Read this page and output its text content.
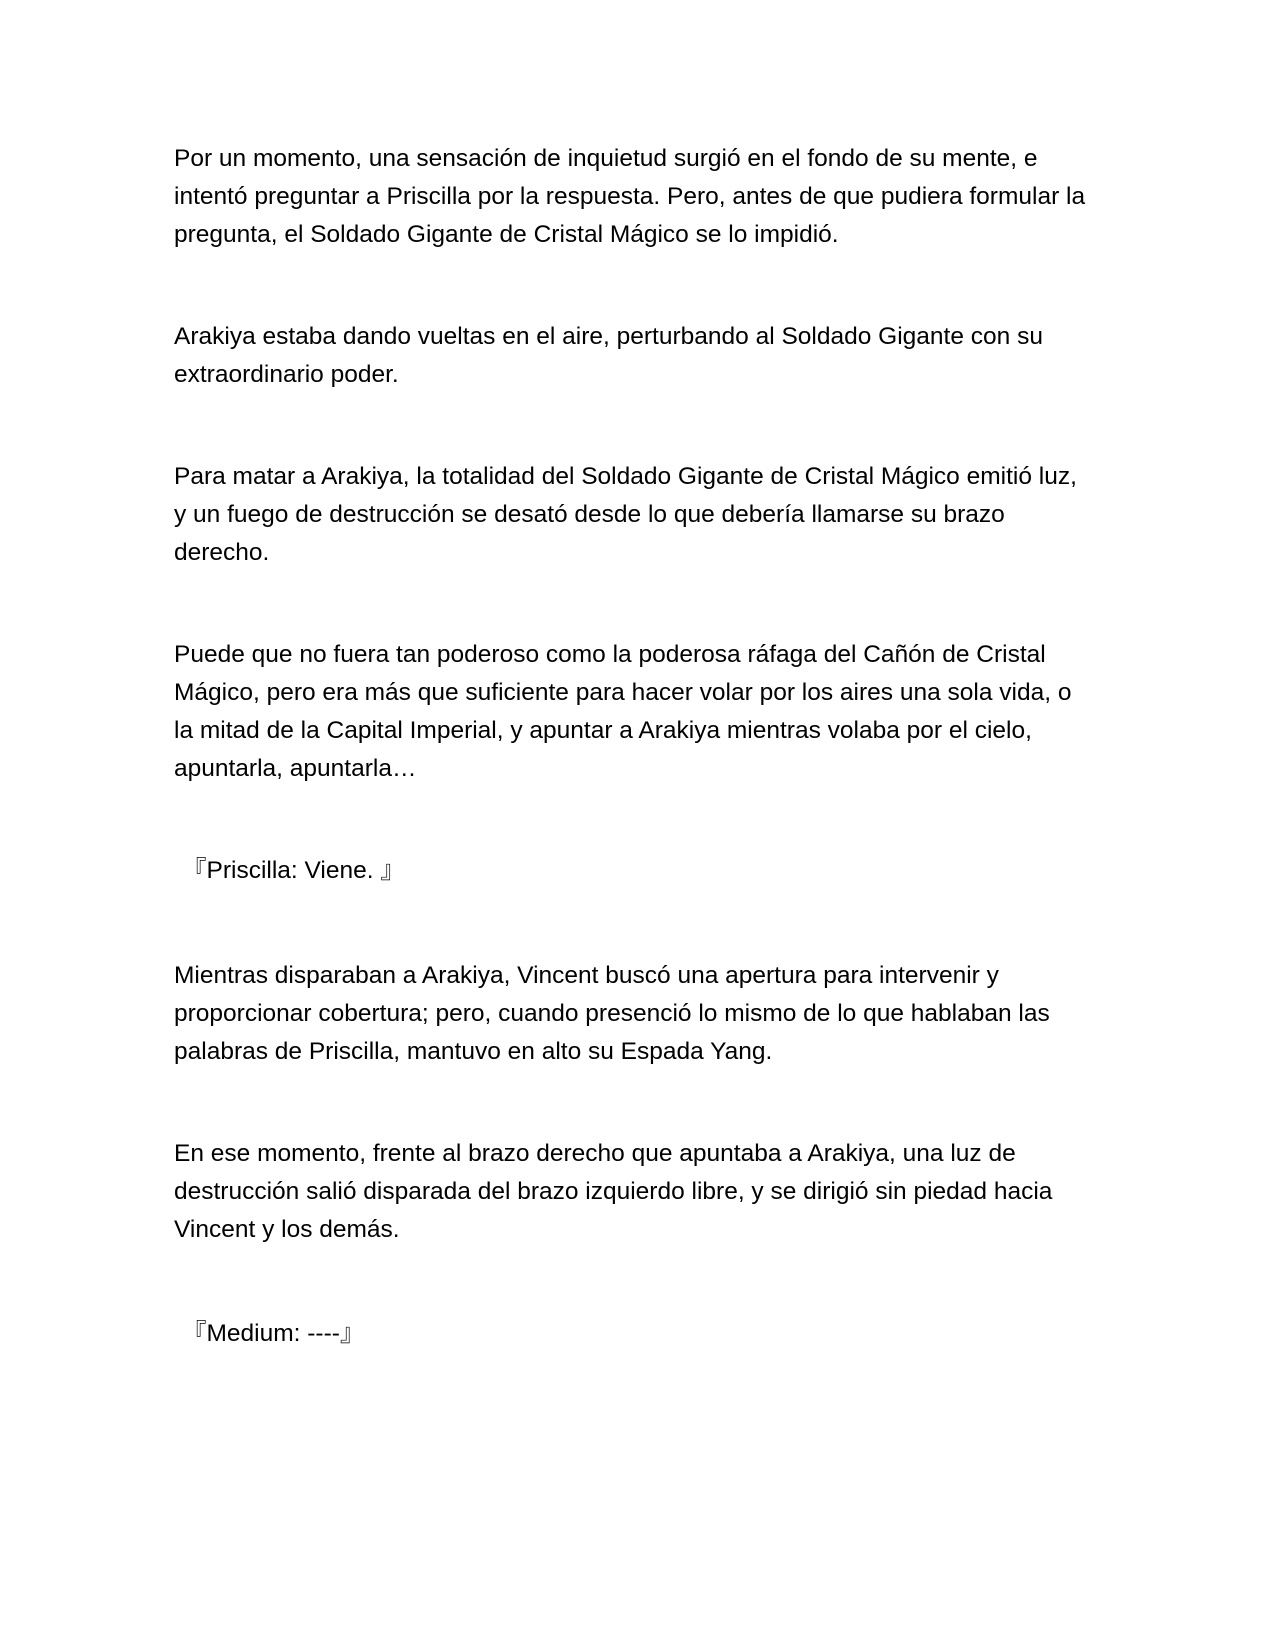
Por un momento, una sensación de inquietud surgió en el fondo de su mente, e intentó preguntar a Priscilla por la respuesta. Pero, antes de que pudiera formular la pregunta, el Soldado Gigante de Cristal Mágico se lo impidió.

Arakiya estaba dando vueltas en el aire, perturbando al Soldado Gigante con su extraordinario poder.

Para matar a Arakiya, la totalidad del Soldado Gigante de Cristal Mágico emitió luz, y un fuego de destrucción se desató desde lo que debería llamarse su brazo derecho.

Puede que no fuera tan poderoso como la poderosa ráfaga del Cañón de Cristal Mágico, pero era más que suficiente para hacer volar por los aires una sola vida, o la mitad de la Capital Imperial, y apuntar a Arakiya mientras volaba por el cielo, apuntarla, apuntarla…

『Priscilla: Viene. 』

Mientras disparaban a Arakiya, Vincent buscó una apertura para intervenir y proporcionar cobertura; pero, cuando presenció lo mismo de lo que hablaban las palabras de Priscilla, mantuvo en alto su Espada Yang.

En ese momento, frente al brazo derecho que apuntaba a Arakiya, una luz de destrucción salió disparada del brazo izquierdo libre, y se dirigió sin piedad hacia Vincent y los demás.

『Medium: ----』
